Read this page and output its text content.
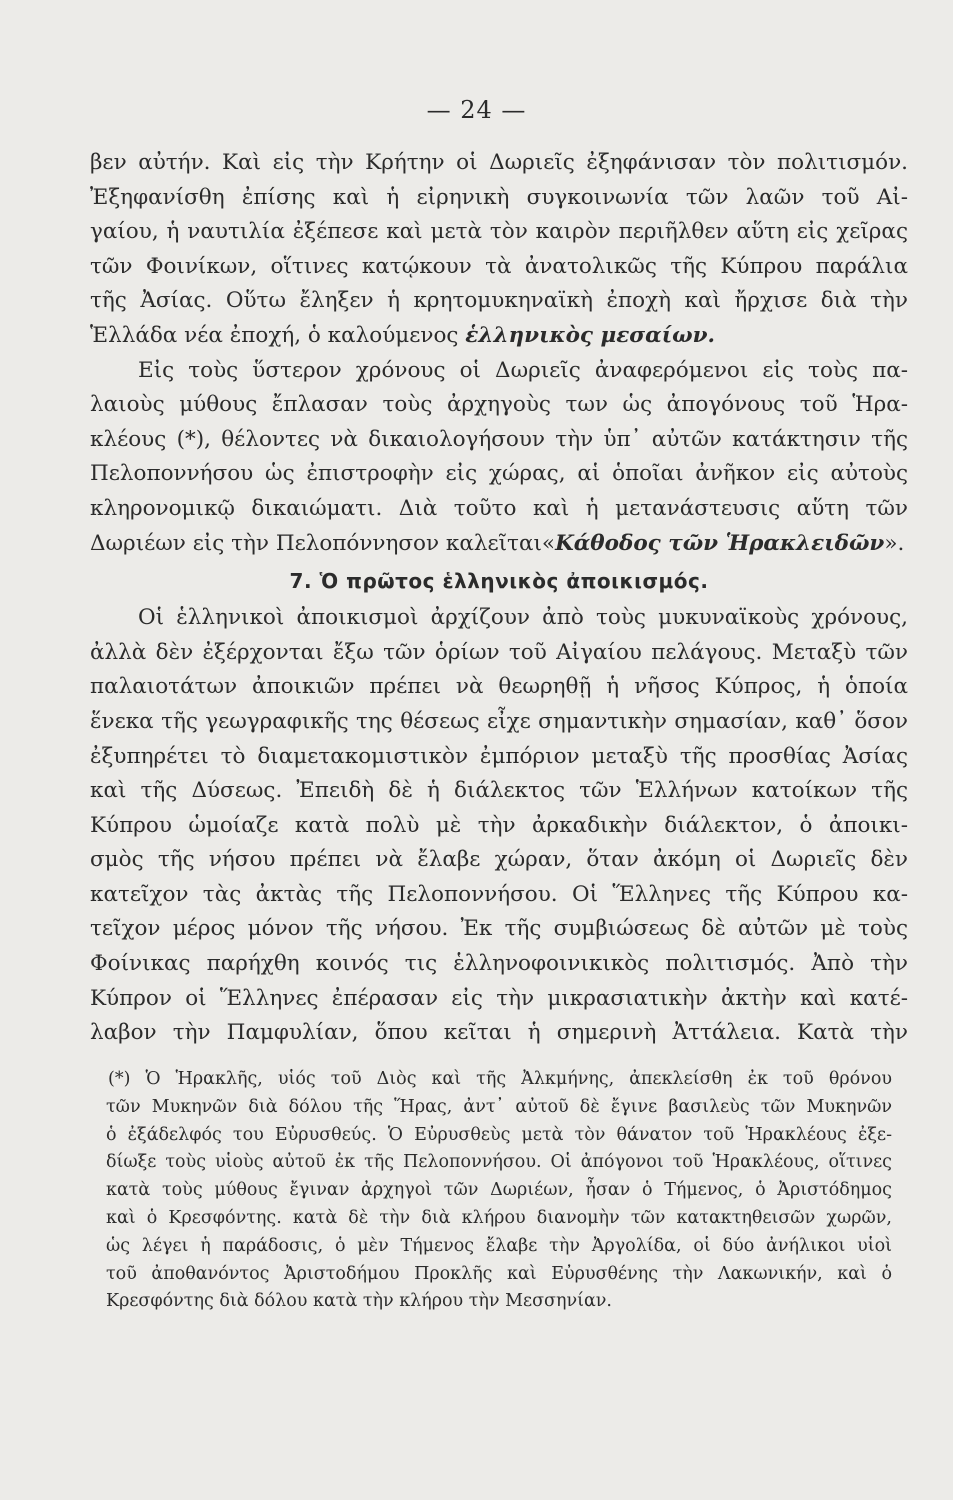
— 24 —
βεν αὐτήν. Καὶ εἰς τὴν Κρήτην οἱ Δωριεῖς ἐξηφάνισαν τὸν πολιτισμόν.
Ἐξηφανίσθη ἐπίσης καὶ ἡ εἰρηνικὴ συγκοινωνία τῶν λαῶν τοῦ Αἰ-
γαίου, ἡ ναυτιλία ἐξέπεσε καὶ μετὰ τὸν καιρὸν περιῆλθεν αὕτη εἰς χεῖρας
τῶν Φοινίκων, οἵτινες κατῴκουν τὰ ἀνατολικῶς τῆς Κύπρου παράλια
τῆς Ἀσίας. Οὕτω ἔληξεν ἡ κρητομυκηναϊκὴ ἐποχὴ καὶ ἤρχισε διὰ τὴν
Ἑλλάδα νέα ἐποχή, ὁ καλούμενος ἑλληνικὸς μεσαίων.
Εἰς τοὺς ὕστερον χρόνους οἱ Δωριεῖς ἀναφερόμενοι εἰς τοὺς πα-
λαιοὺς μύθους ἔπλασαν τοὺς ἀρχηγοὺς των ὡς ἀπογόνους τοῦ Ἡρα-
κλέους (*), θέλοντες νὰ δικαιολογήσουν τὴν ὑπ᾽ αὐτῶν κατάκτησιν τῆς
Πελοποννήσου ὡς ἐπιστροφὴν εἰς χώρας, αἱ ὁποῖαι ἀνῆκον εἰς αὐτοὺς
κληρονομικῷ δικαιώματι. Διὰ τοῦτο καὶ ἡ μετανάστευσις αὕτη τῶν
Δωριέων εἰς τὴν Πελοπόννησον καλεῖται«Κάθοδος τῶν Ἡρακλειδῶν».
7. Ὁ πρῶτος ἑλληνικὸς ἀποικισμός.
Οἱ ἑλληνικοὶ ἀποικισμοὶ ἀρχίζουν ἀπὸ τοὺς μυκυναϊκοὺς χρόνους,
ἀλλὰ δὲν ἐξέρχονται ἔξω τῶν ὁρίων τοῦ Αἰγαίου πελάγους. Μεταξὺ τῶν
παλαιοτάτων ἀποικιῶν πρέπει νὰ θεωρηθῇ ἡ νῆσος Κύπρος, ἡ ὁποία
ἕνεκα τῆς γεωγραφικῆς της θέσεως εἶχε σημαντικὴν σημασίαν, καθ᾽ ὅσον
ἐξυπηρέτει τὸ διαμετακομιστικὸν ἐμπόριον μεταξὺ τῆς προσθίας Ἀσίας
καὶ τῆς Δύσεως. Ἐπειδὴ δὲ ἡ διάλεκτος τῶν Ἑλλήνων κατοίκων τῆς
Κύπρου ὡμοίαζε κατὰ πολὺ μὲ τὴν ἀρκαδικὴν διάλεκτον, ὁ ἀποικι-
σμὸς τῆς νήσου πρέπει νὰ ἔλαβε χώραν, ὅταν ἀκόμη οἱ Δωριεῖς δὲν
κατεῖχον τὰς ἀκτὰς τῆς Πελοποννήσου. Οἱ Ἕλληνες τῆς Κύπρου κα-
τεῖχον μέρος μόνον τῆς νήσου. Ἐκ τῆς συμβιώσεως δὲ αὐτῶν μὲ τοὺς
Φοίνικας παρήχθη κοινός τις ἑλληνοφοινικικὸς πολιτισμός. Ἀπὸ τὴν
Κύπρον οἱ Ἕλληνες ἐπέρασαν εἰς τὴν μικρασιατικὴν ἀκτὴν καὶ κατέ-
λαβον τὴν Παμφυλίαν, ὅπου κεῖται ἡ σημερινὴ Ἀττάλεια. Κατὰ τὴν
(*) Ὁ Ἡρακλῆς, υἱός τοῦ Διὸς καὶ τῆς Ἀλκμήνης, ἀπεκλείσθη ἐκ τοῦ θρόνου
τῶν Μυκηνῶν διὰ δόλου τῆς Ἥρας, ἀντ᾽ αὐτοῦ δὲ ἔγινε βασιλεὺς τῶν Μυκηνῶν
ὁ ἐξάδελφός του Εὐρυσθεύς. Ὁ Εὐρυσθεὺς μετὰ τὸν θάνατον τοῦ Ἡρακλέους ἐξε-
δίωξε τοὺς υἱοὺς αὐτοῦ ἐκ τῆς Πελοποννήσου. Οἱ ἀπόγονοι τοῦ Ἡρακλέους, οἵτινες
κατὰ τοὺς μύθους ἔγιναν ἀρχηγοὶ τῶν Δωριέων, ἦσαν ὁ Τήμενος, ὁ Ἀριστόδημος
καὶ ὁ Κρεσφόντης. κατὰ δὲ τὴν διὰ κλήρου διανομὴν τῶν κατακτηθεισῶν χωρῶν,
ὡς λέγει ἡ παράδοσις, ὁ μὲν Τήμενος ἔλαβε τὴν Ἀργολίδα, οἱ δύο ἀνήλικοι υἱοὶ
τοῦ ἀποθανόντος Ἀριστοδήμου Προκλῆς καὶ Εὐρυσθένης τὴν Λακωνικήν, καὶ ὁ
Κρεσφόντης διὰ δόλου κατὰ τὴν κλήρου τὴν Μεσσηνίαν.
